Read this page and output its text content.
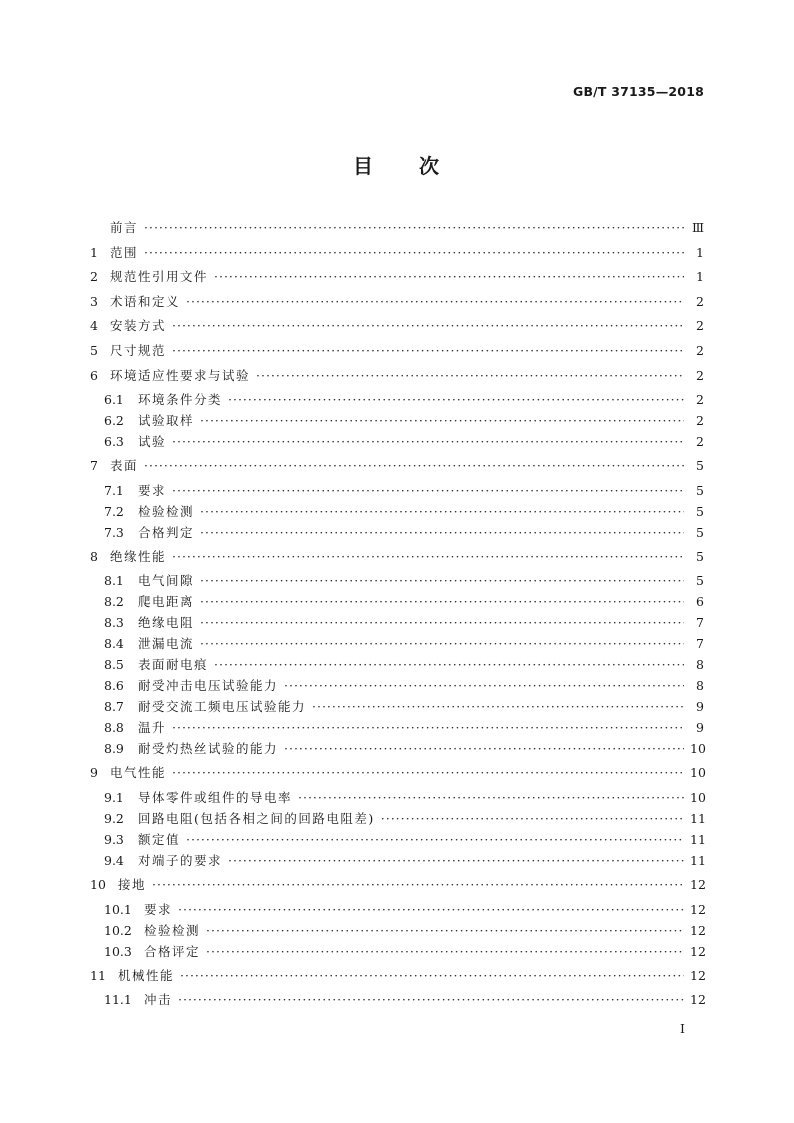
GB/T 37135—2018
目 次
前言 ·····	Ⅲ
1 范围 ·····	1
2 规范性引用文件 ·····	1
3 术语和定义 ·····	2
4 安装方式 ·····	2
5 尺寸规范 ·····	2
6 环境适应性要求与试验 ·····	2
6.1	环境条件分类 ·····	2
6.2	试验取样 ·····	2
6.3	试验 ·····	2
7 表面 ·····	5
7.1	要求 ·····	5
7.2	检验检测 ·····	5
7.3	合格判定 ·····	5
8 绝缘性能 ·····	5
8.1	电气间隙 ·····	5
8.2	爬电距离 ·····	6
8.3	绝缘电阻 ·····	7
8.4	泄漏电流 ·····	7
8.5	表面耐电痕 ·····	8
8.6	耐受冲击电压试验能力 ·····	8
8.7	耐受交流工频电压试验能力 ·····	9
8.8	温升 ·····	9
8.9	耐受灼热丝试验的能力 ·····	10
9 电气性能 ·····	10
9.1	导体零件或组件的导电率 ·····	10
9.2	回路电阻(包括各相之间的回路电阻差) ·····	11
9.3	额定值 ·····	11
9.4	对端子的要求 ·····	11
10 接地 ·····	12
10.1 要求 ·····	12
10.2 检验检测 ·····	12
10.3 合格评定 ·····	12
11 机械性能 ·····	12
11.1 冲击 ·····	12
I
